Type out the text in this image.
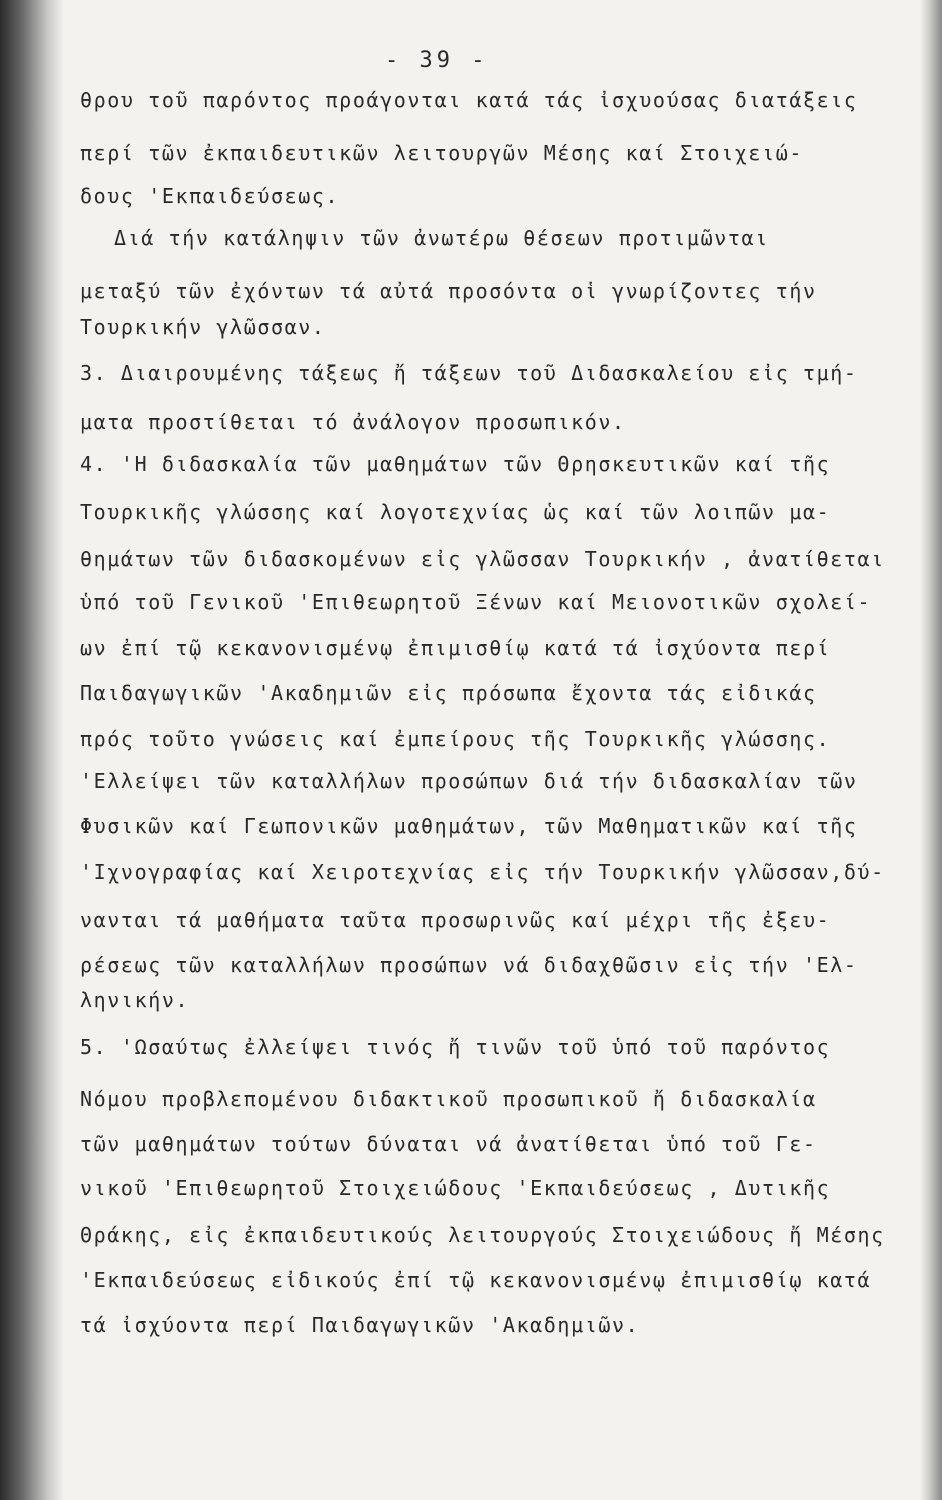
- 39 -
θρου τοῦ παρόντος προάγονται κατά τάς ἰσχυούσας διατάξεις
περί τῶν ἐκπαιδευτικῶν λειτουργῶν Μέσης καί Στοιχειώ-
δους 'Εκπαιδεύσεως.
Διά τήν κατάληψιν τῶν ἀνωτέρω θέσεων προτιμῶνται
μεταξύ τῶν ἐχόντων τά αὐτά προσόντα οἱ γνωρίζοντες τήν
Τουρκικήν γλῶσσαν.
3. Διαιρουμένης τάξεως ἤ τάξεων τοῦ Διδασκαλείου εἰς τμή-
ματα προστίθεται τό ἀνάλογον προσωπικόν.
4. 'Η διδασκαλία τῶν μαθημάτων τῶν Θρησκευτικῶν καί τῆς
Τουρκικῆς γλώσσης καί λογοτεχνίας ὡς καί τῶν λοιπῶν μα-
θημάτων τῶν διδασκομένων εἰς γλῶσσαν Τουρκικήν , ἀνατίθεται
ὑπό τοῦ Γενικοῦ 'Επιθεωρητοῦ Ξένων καί Μειονοτικῶν σχολεί-
ων ἐπί τῷ κεκανονισμένῳ ἐπιμισθίῳ κατά τά ἰσχύοντα περί
Παιδαγωγικῶν 'Ακαδημιῶν εἰς πρόσωπα ἔχοντα τάς εἰδικάς
πρός τοῦτο γνώσεις καί ἐμπείρους τῆς Τουρκικῆς γλώσσης.
'Ελλείψει τῶν καταλλήλων προσώπων διά τήν διδασκαλίαν τῶν
Φυσικῶν καί Γεωπονικῶν μαθημάτων, τῶν Μαθηματικῶν καί τῆς
'Ιχνογραφίας καί Χειροτεχνίας εἰς τήν Τουρκικήν γλῶσσαν,δύ-
νανται τά μαθήματα ταῦτα προσωρινῶς καί μέχρι τῆς ἐξευ-
ρέσεως τῶν καταλλήλων προσώπων νά διδαχθῶσιν εἰς τήν 'Ελ-
ληνικήν.
5. 'Ωσαύτως ἐλλείψει τινός ἤ τινῶν τοῦ ὑπό τοῦ παρόντος
Νόμου προβλεπομένου διδακτικοῦ προσωπικοῦ ἤ διδασκαλία
τῶν μαθημάτων τούτων δύναται νά ἀνατίθεται ὑπό τοῦ Γε-
νικοῦ 'Επιθεωρητοῦ Στοιχειώδους 'Εκπαιδεύσεως , Δυτικῆς
Θράκης, εἰς ἐκπαιδευτικούς λειτουργούς Στοιχειώδους ἤ Μέσης
'Εκπαιδεύσεως εἰδικούς ἐπί τῷ κεκανονισμένῳ ἐπιμισθίῳ κατά
τά ἰσχύοντα περί Παιδαγωγικῶν 'Ακαδημιῶν.
